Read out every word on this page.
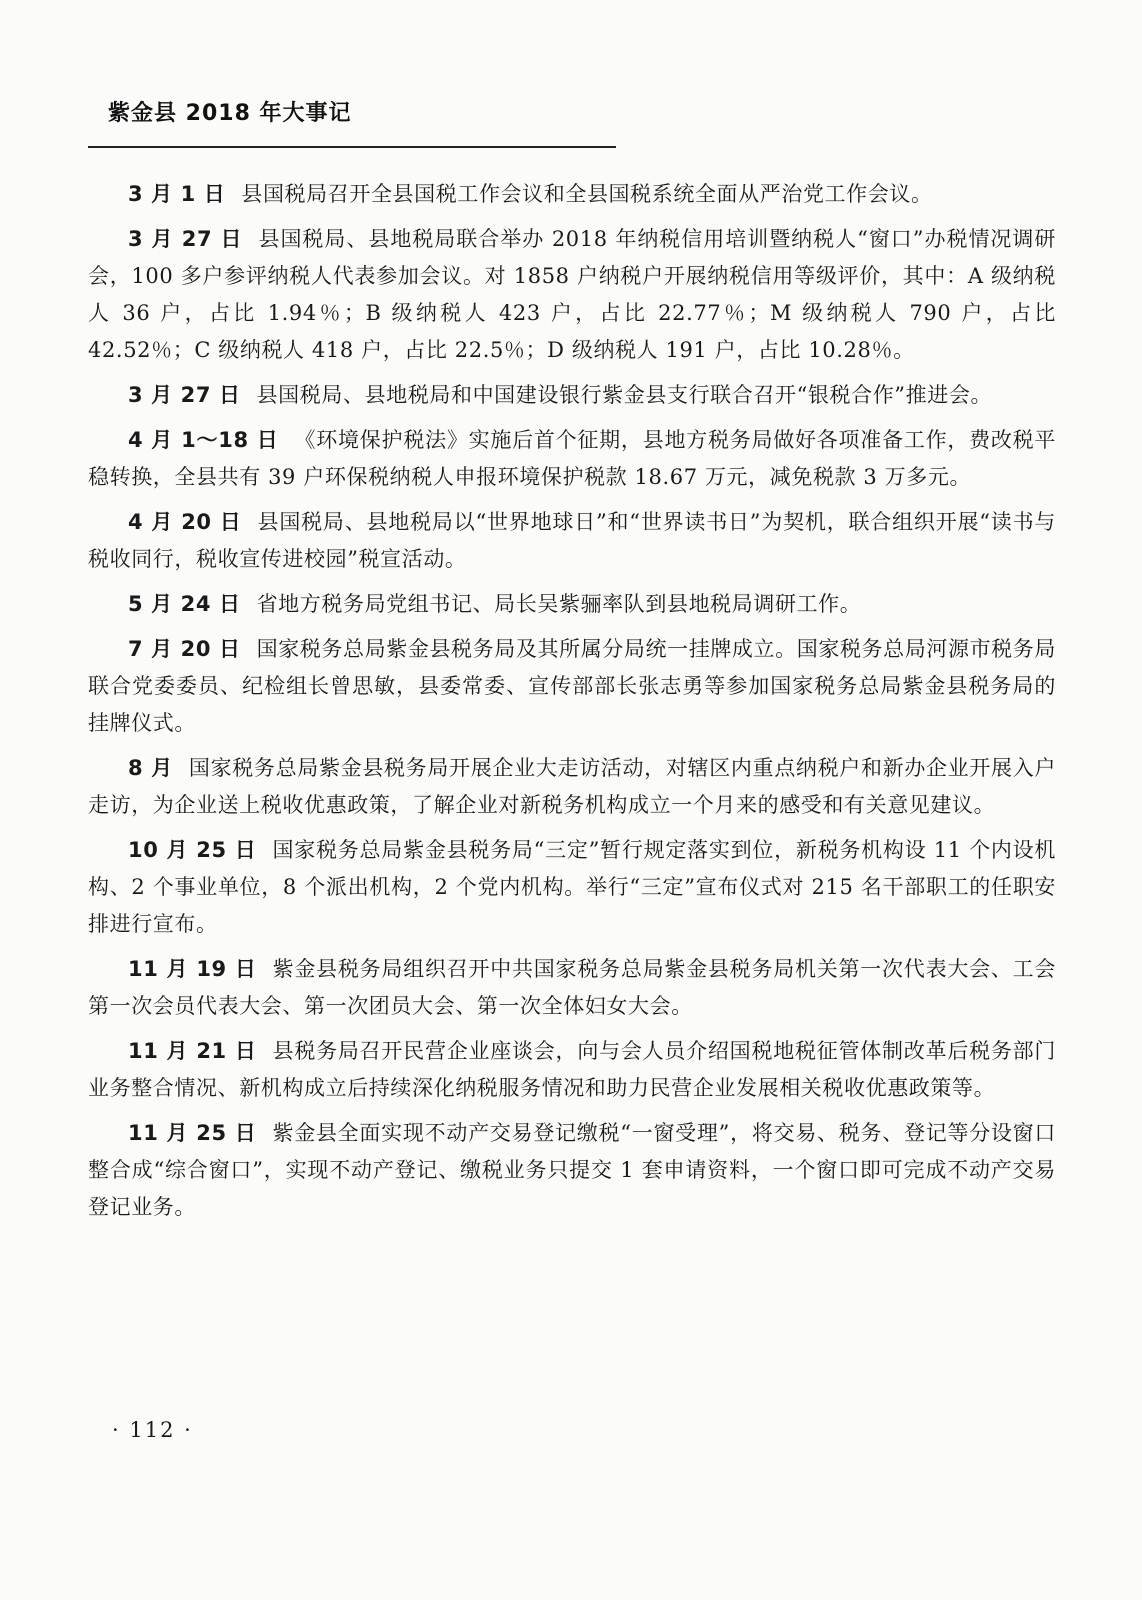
紫金县 2018 年大事记

3 月 1 日 县国税局召开全县国税工作会议和全县国税系统全面从严治党工作会议。

3 月 27 日 县国税局、县地税局联合举办 2018 年纳税信用培训暨纳税人“窗口”办税情况调研会，100 多户参评纳税人代表参加会议。对 1858 户纳税户开展纳税信用等级评价，其中：A 级纳税人 36 户，占比 1.94％；B 级纳税人 423 户，占比 22.77％；M 级纳税人 790 户，占比 42.52％；C 级纳税人 418 户，占比 22.5％；D 级纳税人 191 户，占比 10.28％。

3 月 27 日 县国税局、县地税局和中国建设银行紫金县支行联合召开“银税合作”推进会。

4 月 1～18 日 《环境保护税法》实施后首个征期，县地方税务局做好各项准备工作，费改税平稳转换，全县共有 39 户环保税纳税人申报环境保护税款 18.67 万元，减免税款 3 万多元。

4 月 20 日 县国税局、县地税局以“世界地球日”和“世界读书日”为契机，联合组织开展“读书与税收同行，税收宣传进校园”税宣活动。

5 月 24 日 省地方税务局党组书记、局长吴紫骊率队到县地税局调研工作。

7 月 20 日 国家税务总局紫金县税务局及其所属分局统一挂牌成立。国家税务总局河源市税务局联合党委委员、纪检组长曾思敏，县委常委、宣传部部长张志勇等参加国家税务总局紫金县税务局的挂牌仪式。

8 月 国家税务总局紫金县税务局开展企业大走访活动，对辖区内重点纳税户和新办企业开展入户走访，为企业送上税收优惠政策，了解企业对新税务机构成立一个月来的感受和有关意见建议。

10 月 25 日 国家税务总局紫金县税务局“三定”暂行规定落实到位，新税务机构设 11 个内设机构、2 个事业单位，8 个派出机构，2 个党内机构。举行“三定”宣布仪式对 215 名干部职工的任职安排进行宣布。

11 月 19 日 紫金县税务局组织召开中共国家税务总局紫金县税务局机关第一次代表大会、工会第一次会员代表大会、第一次团员大会、第一次全体妇女大会。

11 月 21 日 县税务局召开民营企业座谈会，向与会人员介绍国税地税征管体制改革后税务部门业务整合情况、新机构成立后持续深化纳税服务情况和助力民营企业发展相关税收优惠政策等。

11 月 25 日 紫金县全面实现不动产交易登记缴税“一窗受理”，将交易、税务、登记等分设窗口整合成“综合窗口”，实现不动产登记、缴税业务只提交 1 套申请资料，一个窗口即可完成不动产交易登记业务。

· 112 ·
